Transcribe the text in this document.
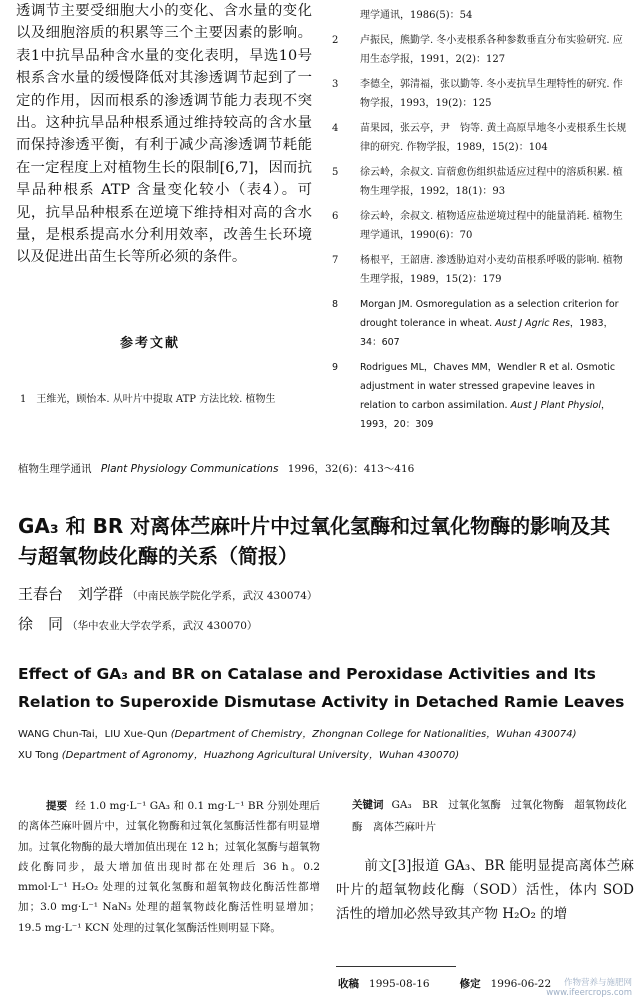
透调节主要受细胞大小的变化、含水量的变化以及细胞溶质的积累等三个主要因素的影响。表1中抗旱品种含水量的变化表明，旱选10号根系含水量的缓慢降低对其渗透调节起到了一定的作用，因而根系的渗透调节能力表现不突出。这种抗旱品种根系通过维持较高的含水量而保持渗透平衡，有利于减少高渗透调节耗能在一定程度上对植物生长的限制[6,7]，因而抗旱品种根系 ATP 含量变化较小（表4）。可见，抗旱品种根系在逆境下维持相对高的含水量，是根系提高水分利用效率，改善生长环境以及促进出苗生长等所必须的条件。

参考文献
1　王维光，顾怡本. 从叶片中提取 ATP 方法比较. 植物生
理学通讯，1986(5)：54
2 卢振民，熊勤学. 冬小麦根系各种参数垂直分布实验研究. 应用生态学报，1991，2(2)：127
3 李德全，郭清福，张以勤等. 冬小麦抗旱生理特性的研究. 作物学报，1993，19(2)：125
4 苗果园，张云亭，尹　钧等. 黄土高原旱地冬小麦根系生长规律的研究. 作物学报，1989，15(2)：104
5 徐云岭，余叔文. 盲蓿愈伤组织盐适应过程中的溶质积累. 植物生理学报，1992，18(1)：93
6 徐云岭，余叔文. 植物适应盐逆境过程中的能量消耗. 植物生理学通讯，1990(6)：70
7 杨根平，王韶唐. 渗透胁迫对小麦幼苗根系呼吸的影响. 植物生理学报，1989，15(2)：179
8 Morgan JM. Osmoregulation as a selection criterion for drought tolerance in wheat. Aust J Agric Res，1983，34：607
9 Rodrigues ML，Chaves MM，Wendler R et al. Osmotic adjustment in water stressed grapevine leaves in relation to carbon assimilation. Aust J Plant Physiol，1993，20：309
植物生理学通讯 Plant Physiology Communications 1996，32(6)：413～416
GA₃ 和 BR 对离体苎麻叶片中过氧化氢酶和过氧化物酶的影响及其与超氧物歧化酶的关系（简报）
王春台　刘学群 （中南民族学院化学系，武汉 430074）
徐　同 （华中农业大学农学系，武汉 430070）
Effect of GA₃ and BR on Catalase and Peroxidase Activities and Its Relation to Superoxide Dismutase Activity in Detached Ramie Leaves
WANG Chun-Tai，LIU Xue-Qun (Department of Chemistry，Zhongnan College for Nationalities，Wuhan 430074)
XU Tong (Department of Agronomy，Huazhong Agricultural University，Wuhan 430070)
提要 经 1.0 mg·L⁻¹ GA₃ 和 0.1 mg·L⁻¹ BR 分别处理后的离体苎麻叶圆片中，过氧化物酶和过氧化氢酶活性都有明显增加。过氧化物酶的最大增加值出现在 12 h；过氧化氢酶与超氧物歧化酶同步，最大增加值出现时都在处理后 36 h。0.2 mmol·L⁻¹ H₂O₂ 处理的过氧化氢酶和超氧物歧化酶活性都增加；3.0 mg·L⁻¹ NaN₃ 处理的超氧物歧化酶活性明显增加；19.5 mg·L⁻¹ KCN 处理的过氧化氢酶活性则明显下降。
关键词 GA₃　BR　过氧化氢酶　过氧化物酶　超氧物歧化酶　离体苎麻叶片
前文[3]报道 GA₃、BR 能明显提高离体苎麻叶片的超氧物歧化酶（SOD）活性，体内 SOD 活性的增加必然导致其产物 H₂O₂ 的增
收稿 1995-08-16	修定 1996-06-22	作物营养与施肥网
www.ifeercrops.com
